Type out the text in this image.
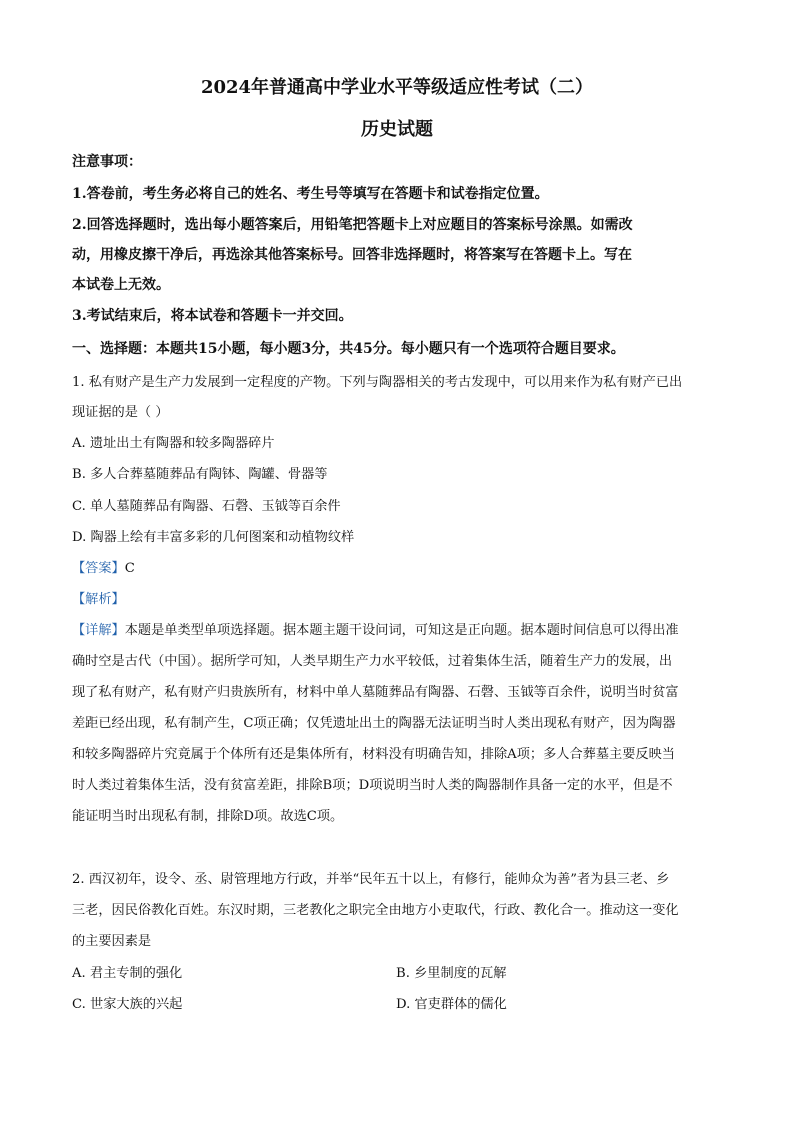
2024年普通高中学业水平等级适应性考试（二）
历史试题
注意事项：
1.答卷前，考生务必将自己的姓名、考生号等填写在答题卡和试卷指定位置。
2.回答选择题时，选出每小题答案后，用铅笔把答题卡上对应题目的答案标号涂黑。如需改
动，用橡皮擦干净后，再选涂其他答案标号。回答非选择题时，将答案写在答题卡上。写在
本试卷上无效。
3.考试结束后，将本试卷和答题卡一并交回。
一、选择题：本题共15小题，每小题3分，共45分。每小题只有一个选项符合题目要求。
1. 私有财产是生产力发展到一定程度的产物。下列与陶器相关的考古发现中，可以用来作为私有财产已出
现证据的是（ ）
A. 遗址出土有陶器和较多陶器碎片
B. 多人合葬墓随葬品有陶钵、陶罐、骨器等
C. 单人墓随葬品有陶器、石磬、玉钺等百余件
D. 陶器上绘有丰富多彩的几何图案和动植物纹样
【答案】C
【解析】
【详解】本题是单类型单项选择题。据本题主题干设问词，可知这是正向题。据本题时间信息可以得出准
确时空是古代（中国）。据所学可知，人类早期生产力水平较低，过着集体生活，随着生产力的发展，出
现了私有财产，私有财产归贵族所有，材料中单人墓随葬品有陶器、石磬、玉钺等百余件，说明当时贫富
差距已经出现，私有制产生，C项正确；仅凭遗址出土的陶器无法证明当时人类出现私有财产，因为陶器
和较多陶器碎片究竟属于个体所有还是集体所有，材料没有明确告知，排除A项；多人合葬墓主要反映当
时人类过着集体生活，没有贫富差距，排除B项；D项说明当时人类的陶器制作具备一定的水平，但是不
能证明当时出现私有制，排除D项。故选C项。
2. 西汉初年，设令、丞、尉管理地方行政，并举“民年五十以上，有修行，能帅众为善”者为县三老、乡
三老，因民俗教化百姓。东汉时期，三老教化之职完全由地方小吏取代，行政、教化合一。推动这一变化
的主要因素是
A. 君主专制的强化	B. 乡里制度的瓦解
C. 世家大族的兴起	D. 官吏群体的儒化
